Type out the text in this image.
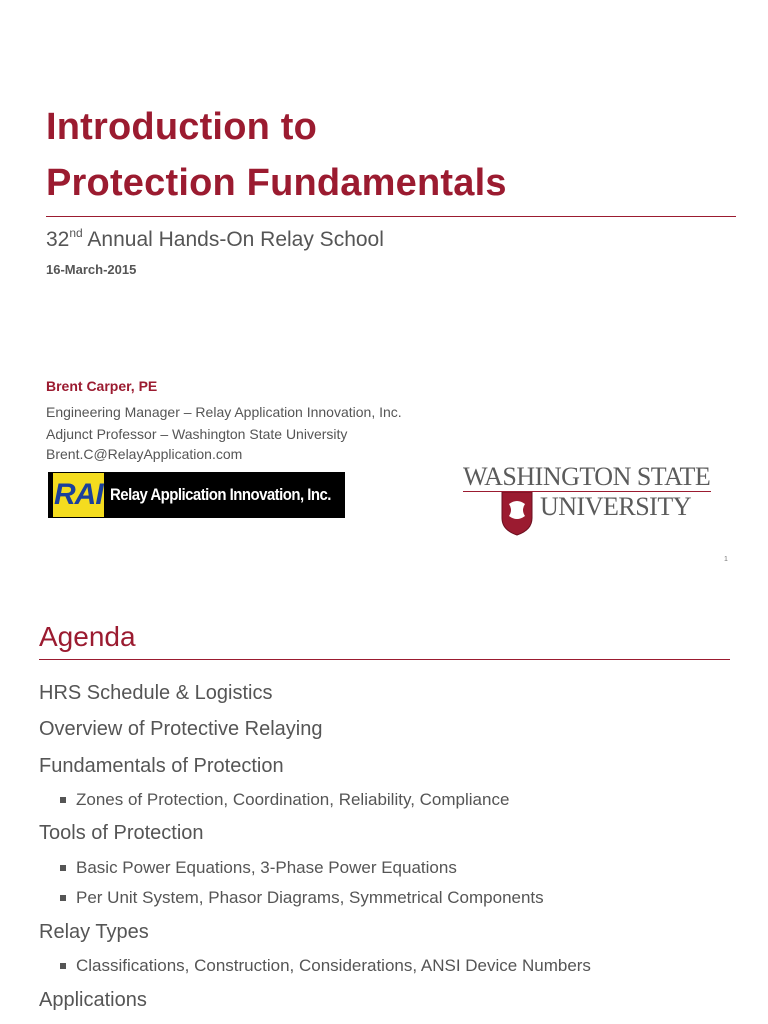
Introduction to
Protection Fundamentals
32nd Annual Hands-On Relay School
16-March-2015
Brent Carper, PE
Engineering Manager – Relay Application Innovation, Inc.
Adjunct Professor – Washington State University
Brent.C@RelayApplication.com
RAI Relay Application Innovation, Inc.
WASHINGTON STATE
UNIVERSITY
1
Agenda
HRS Schedule & Logistics
Overview of Protective Relaying
Fundamentals of Protection
Zones of Protection, Coordination, Reliability, Compliance
Tools of Protection
Basic Power Equations, 3-Phase Power Equations
Per Unit System, Phasor Diagrams, Symmetrical Components
Relay Types
Classifications, Construction, Considerations, ANSI Device Numbers
Applications
